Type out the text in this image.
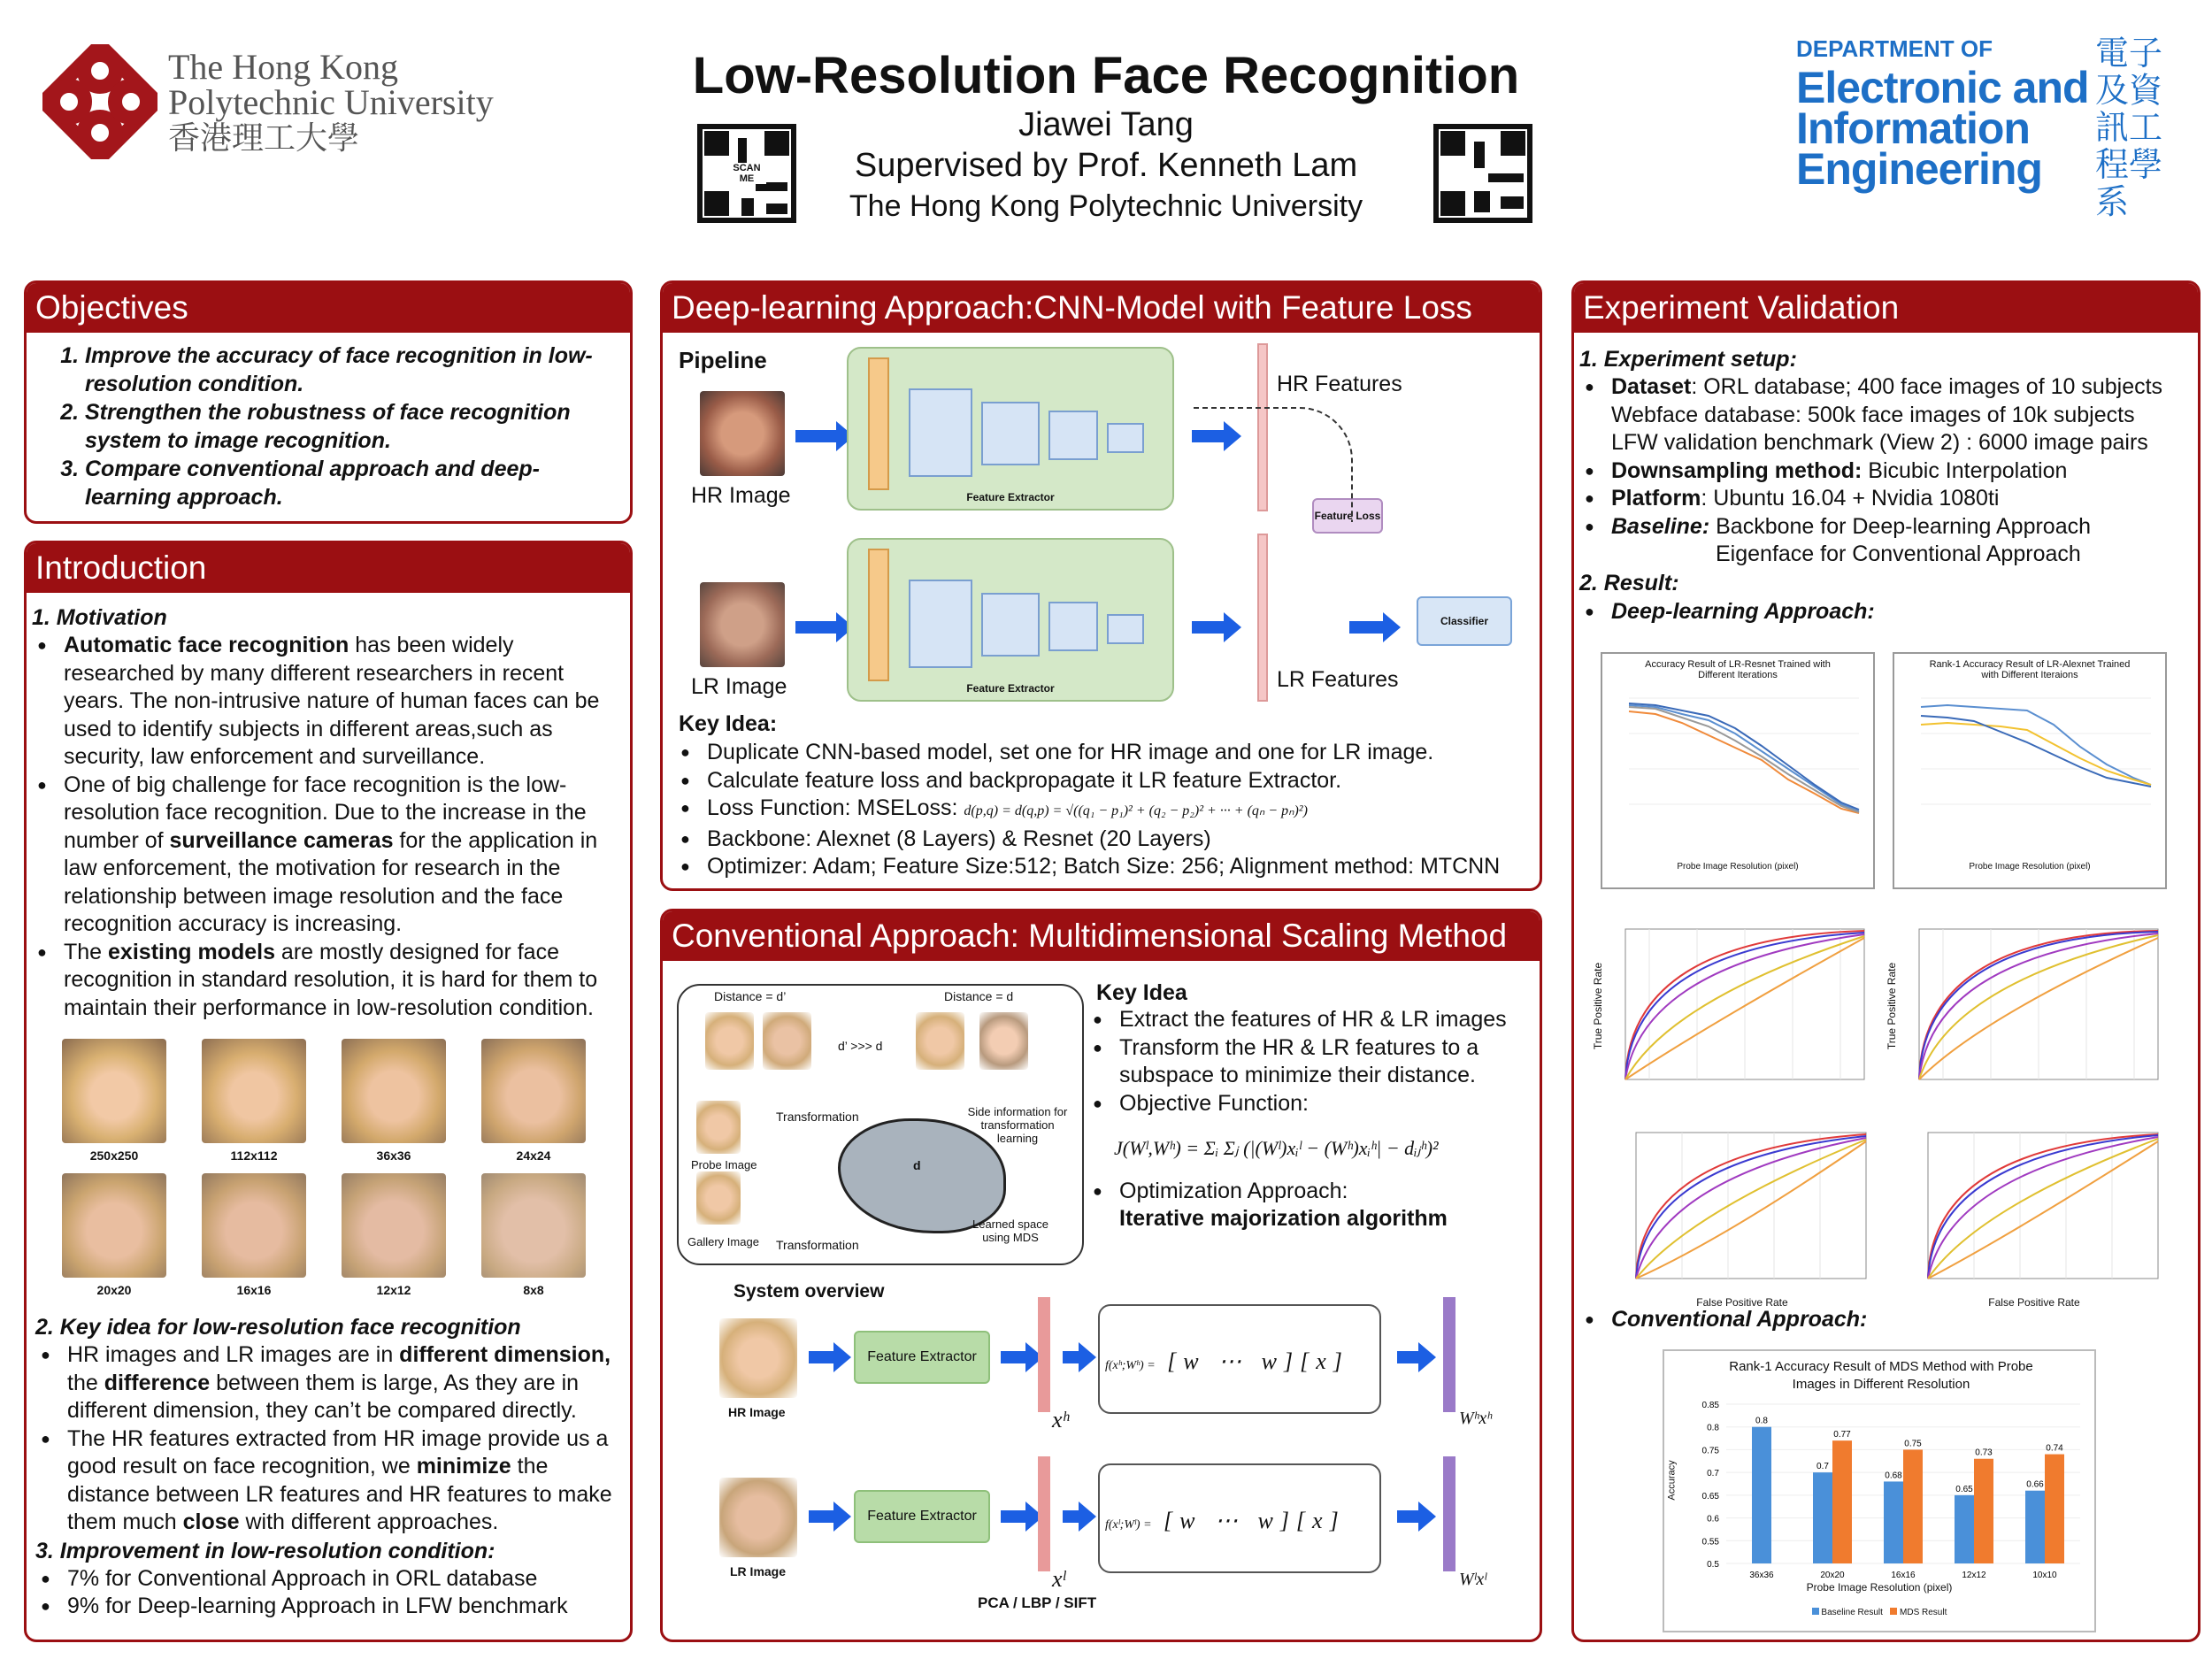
The Hong Kong
Polytechnic University
香港理工大學
Low-Resolution Face Recognition
Jiawei Tang
Supervised by Prof. Kenneth Lam
The Hong Kong Polytechnic University
SCAN ME
DEPARTMENT OF
Electronic and
Information
Engineering
電子及資訊工程學系
Objectives
1. Improve the accuracy of face recognition in low-resolution condition.
2. Strengthen the robustness of face recognition system to image recognition.
3. Compare conventional approach and deep-learning approach.
Introduction
1. Motivation
● Automatic face recognition has been widely researched by many different researchers in recent years. The non-intrusive nature of human faces can be used to identify subjects in different areas,such as security, law enforcement and surveillance.
● One of big challenge for face recognition is the low-resolution face recognition. Due to the increase in the number of surveillance cameras for the application in law enforcement, the motivation for research in the relationship between image resolution and the face recognition accuracy is increasing.
● The existing models are mostly designed for face recognition in standard resolution, it is hard for them to maintain their performance in low-resolution condition.
250x250	112x112	36x36	24x24
20x20	16x16	12x12	8x8
2. Key idea for low-resolution face recognition
● HR images and LR images are in different dimension, the difference between them is large, As they are in different dimension, they can’t be compared directly.
● The HR features extracted from HR image provide us a good result on face recognition, we minimize the distance between LR features and HR features to make them much close with different approaches.
3. Improvement in low-resolution condition:
● 7% for Conventional Approach in ORL database
● 9% for Deep-learning Approach in LFW benchmark
Deep-learning Approach:CNN-Model with Feature Loss
Pipeline
HR Image
LR Image
Feature Extractor
Feature Extractor
HR Features
LR Features
Feature Loss
Classifier
Key Idea:
● Duplicate CNN-based model, set one for HR image and one for LR image.
● Calculate feature loss and backpropagate it LR feature Extractor.
● Loss Function: MSELoss: d(p,q) = d(q,p) = √((q₁ − p₁)² + (q₂ − p₂)² + ··· + (qₙ − pₙ)²)
● Backbone: Alexnet (8 Layers) & Resnet (20 Layers)
● Optimizer: Adam; Feature Size:512; Batch Size: 256; Alignment method: MTCNN
Conventional Approach: Multidimensional Scaling Method
Distance = d’	Distance = d
d’ >>> d
Probe Image
Gallery Image
Transformation
Transformation
d
Side information for transformation learning
Learned space using MDS
Key Idea
● Extract the features of HR & LR images
● Transform the HR & LR features to a subspace to minimize their distance.
● Objective Function:
J(Wˡ,Wʰ) = Σᵢ Σⱼ (|(Wˡ)xᵢˡ − (Wʰ)xᵢʰ| − dᵢⱼʰ)²
● Optimization Approach:
Iterative majorization algorithm
System overview
HR Image
LR Image
Feature Extractor
Feature Extractor
xʰ
xˡ
f(xʰ;Wʰ) = [w ⋯ w][x]
f(xˡ;Wˡ) = [w ⋯ w][x]
Wʰxʰ
Wˡxˡ
PCA / LBP / SIFT
Experiment Validation
1. Experiment setup:
● Dataset: ORL database; 400 face images of 10 subjects
Webface database: 500k face images of 10k subjects
LFW validation benchmark (View 2) : 6000 image pairs
● Downsampling method: Bicubic Interpolation
● Platform: Ubuntu 16.04 + Nvidia 1080ti
● Baseline: Backbone for Deep-learning Approach
Eigenface for Conventional Approach
2. Result:
● Deep-learning Approach:
Accuracy Result of LR-Resnet Trained with Different Iterations
Probe Image Resolution (pixel)
Rank-1 Accuracy Result of LR-Alexnet Trained with Different Iteraions
Probe Image Resolution (pixel)
True Positive Rate	True Positive Rate
False Positive Rate	False Positive Rate
● Conventional Approach:
Rank-1 Accuracy Result of MDS Method with Probe Images in Different Resolution
0.85
0.8
0.75
0.7
0.65
0.6
0.55
0.5
0.8
36x36
0.7
0.77
20x20
0.68
0.75
16x16
0.65
0.73
12x12
0.66
0.74
10x10
Accuracy
Probe Image Resolution (pixel)
Baseline Result MDS Result
